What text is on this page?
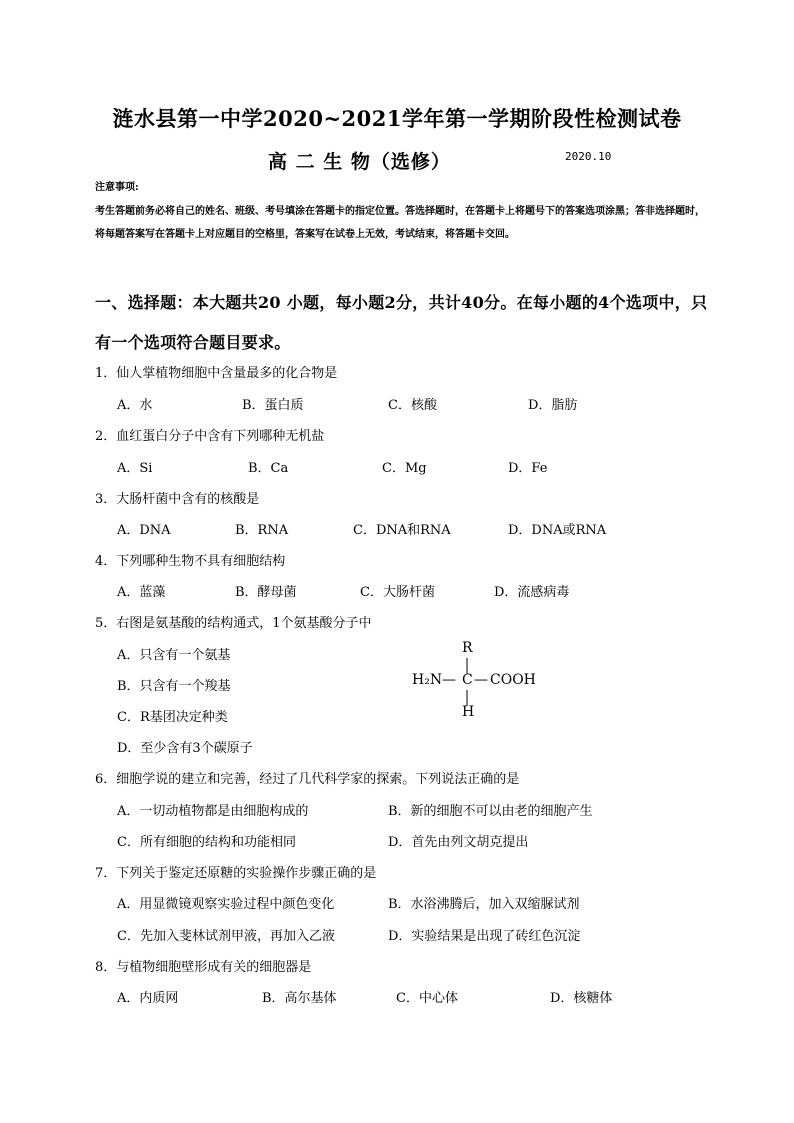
涟水县第一中学2020~2021学年第一学期阶段性检测试卷
高 二 生 物（选修）	2020.10
注意事项:
考生答题前务必将自己的姓名、班级、考号填涂在答题卡的指定位置。答选择题时，在答题卡上将题号下的答案选项涂黑；答非选择题时，将每题答案写在答题卡上对应题目的空格里，答案写在试卷上无效，考试结束，将答题卡交回。
一、选择题：本大题共20 小题，每小题2分，共计40分。在每小题的4个选项中，只有一个选项符合题目要求。
1．仙人掌植物细胞中含量最多的化合物是
A．水	B．蛋白质	C．核酸	D．脂肪
2．血红蛋白分子中含有下列哪种无机盐
A．Si	B．Ca	C．Mg	D．Fe
3．大肠杆菌中含有的核酸是
A．DNA	B．RNA	C．DNA和RNA	D．DNA或RNA
4．下列哪种生物不具有细胞结构
A．蓝藻	B．酵母菌	C．大肠杆菌	D．流感病毒
5．右图是氨基酸的结构通式，1个氨基酸分子中
A．只含有一个氨基
B．只含有一个羧基
C．R基团决定种类
D．至少含有3个碳原子
R
H₂N — C — COOH
H
6．细胞学说的建立和完善，经过了几代科学家的探索。下列说法正确的是
A．一切动植物都是由细胞构成的	B．新的细胞不可以由老的细胞产生
C．所有细胞的结构和功能相同	D．首先由列文胡克提出
7．下列关于鉴定还原糖的实验操作步骤正确的是
A．用显微镜观察实验过程中颜色变化	B．水浴沸腾后，加入双缩脲试剂
C．先加入斐林试剂甲液，再加入乙液	D．实验结果是出现了砖红色沉淀
8．与植物细胞壁形成有关的细胞器是
A．内质网	B．高尔基体	C．中心体	D．核糖体
